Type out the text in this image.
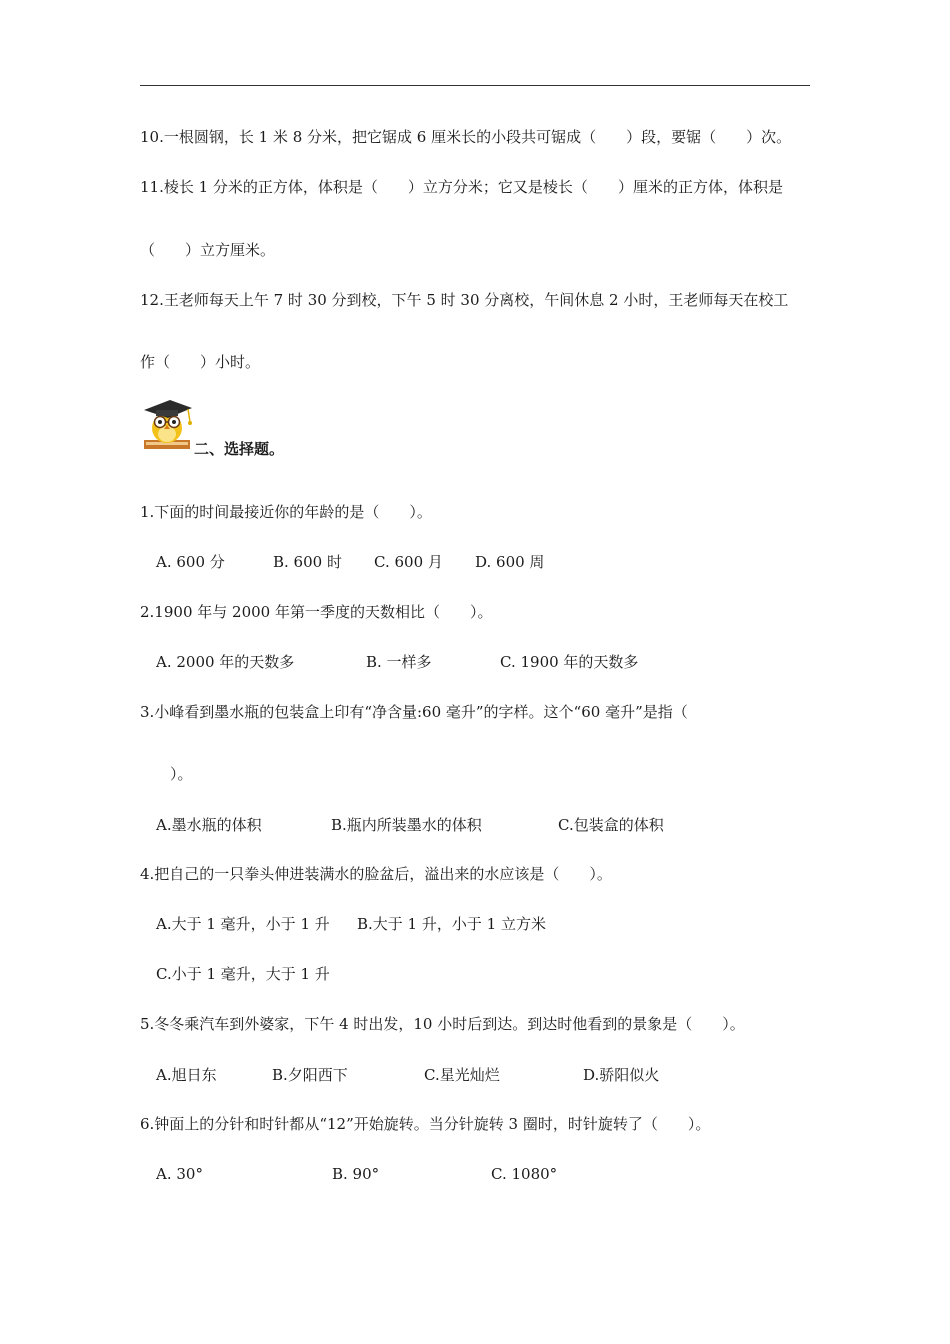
10.一根圆钢，长 1 米 8 分米，把它锯成 6 厘米长的小段共可锯成（　　）段，要锯（　　）次。
11.棱长 1 分米的正方体，体积是（　　）立方分米；它又是棱长（　　）厘米的正方体，体积是
（　　）立方厘米。
12.王老师每天上午 7 时 30 分到校，下午 5 时 30 分离校，午间休息 2 小时，王老师每天在校工
作（　　）小时。
二、选择题。
1.下面的时间最接近你的年龄的是（　　）。
A. 600 分	B. 600 时 C. 600 月 D. 600 周
2.1900 年与 2000 年第一季度的天数相比（　　）。
A. 2000 年的天数多	B. 一样多	C. 1900 年的天数多
3.小峰看到墨水瓶的包装盒上印有“净含量:60 毫升”的字样。这个“60 毫升”是指（
　　）。
A.墨水瓶的体积	B.瓶内所装墨水的体积	C.包装盒的体积
4.把自己的一只拳头伸进装满水的脸盆后，溢出来的水应该是（　　）。
A.大于 1 毫升，小于 1 升 B.大于 1 升，小于 1 立方米
C.小于 1 毫升，大于 1 升
5.冬冬乘汽车到外婆家，下午 4 时出发，10 小时后到达。到达时他看到的景象是（　　）。
A.旭日东	B.夕阳西下	C.星光灿烂	D.骄阳似火
6.钟面上的分针和时针都从“12”开始旋转。当分针旋转 3 圈时，时针旋转了（　　）。
A. 30°	B. 90°	C. 1080°
